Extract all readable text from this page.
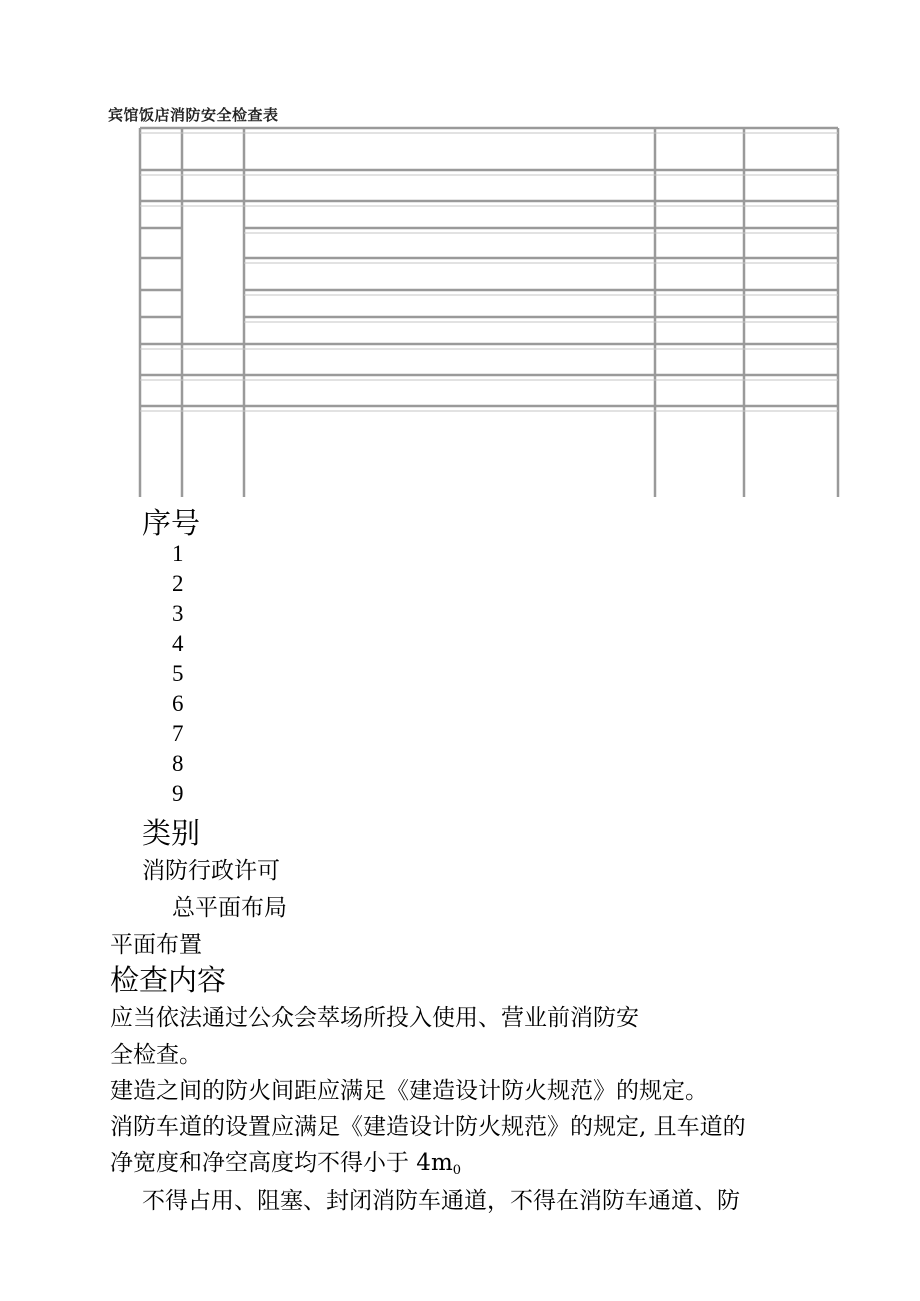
宾馆饭店消防安全检查表
序号
1
2
3
4
5
6
7
8
9
类别
消防行政许可
总平面布局
平面布置
检查内容
应当依法通过公众会萃场所投入使用、营业前消防安
全检查。
建造之间的防火间距应满足《建造设计防火规范》的规定。
消防车道的设置应满足《建造设计防火规范》的规定, 且车道的
净宽度和净空高度均不得小于 $4m_0$
不得占用、阻塞、封闭消防车通道，不得在消防车通道、防
